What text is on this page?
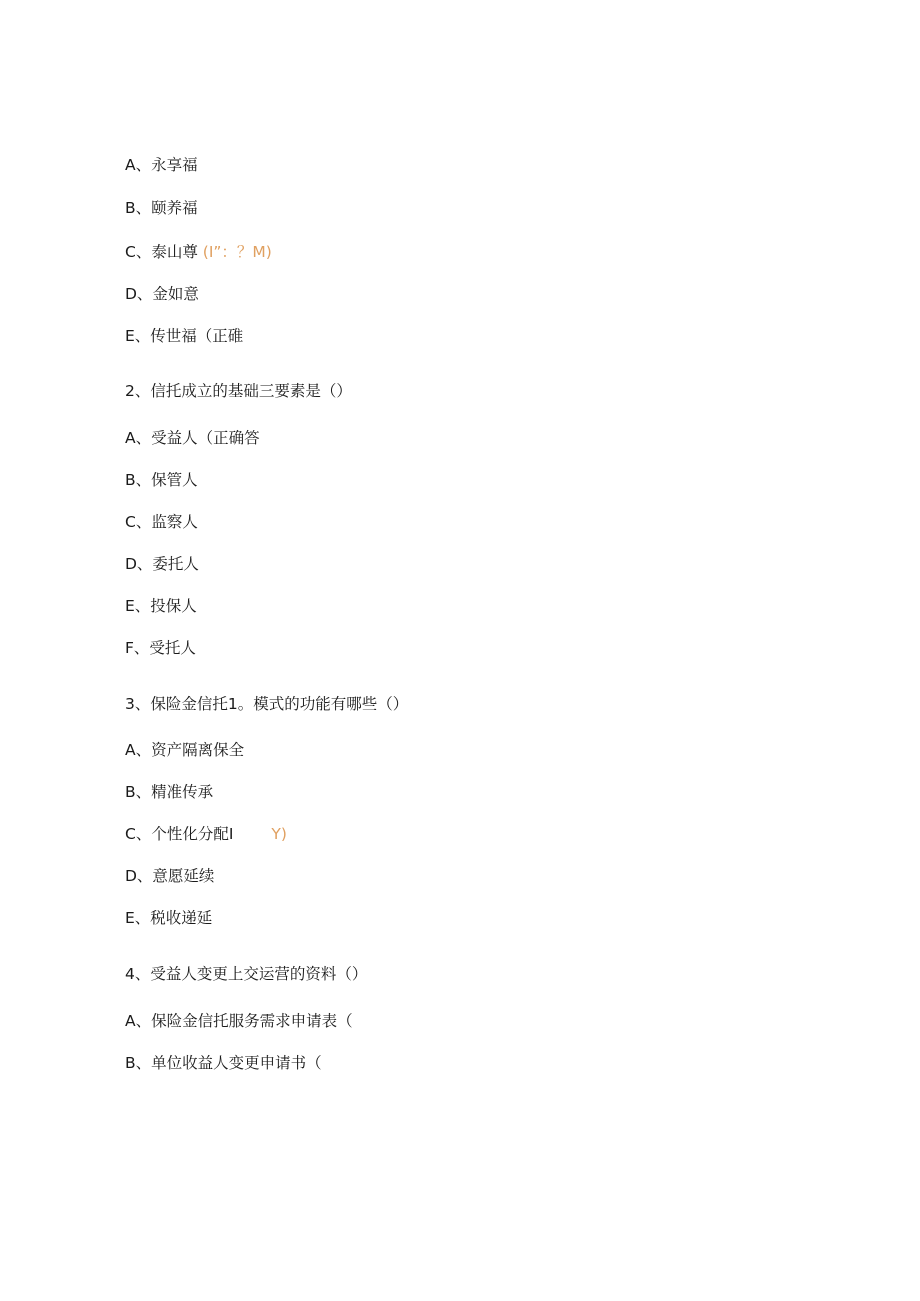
A、永享福
B、颐养福
C、泰山尊 (I”：？M)
D、金如意
E、传世福（正碓
2、信托成立的基础三要素是（）
A、受益人（正确答
B、保管人
C、监察人
D、委托人
E、投保人
F、受托人
3、保险金信托1。模式的功能有哪些（）
A、资产隔离保全
B、精准传承
C、个性化分配I Y)
D、意愿延续
E、税收递延
4、受益人变更上交运营的资料（）
A、保险金信托服务需求申请表（
B、单位收益人变更申请书（
